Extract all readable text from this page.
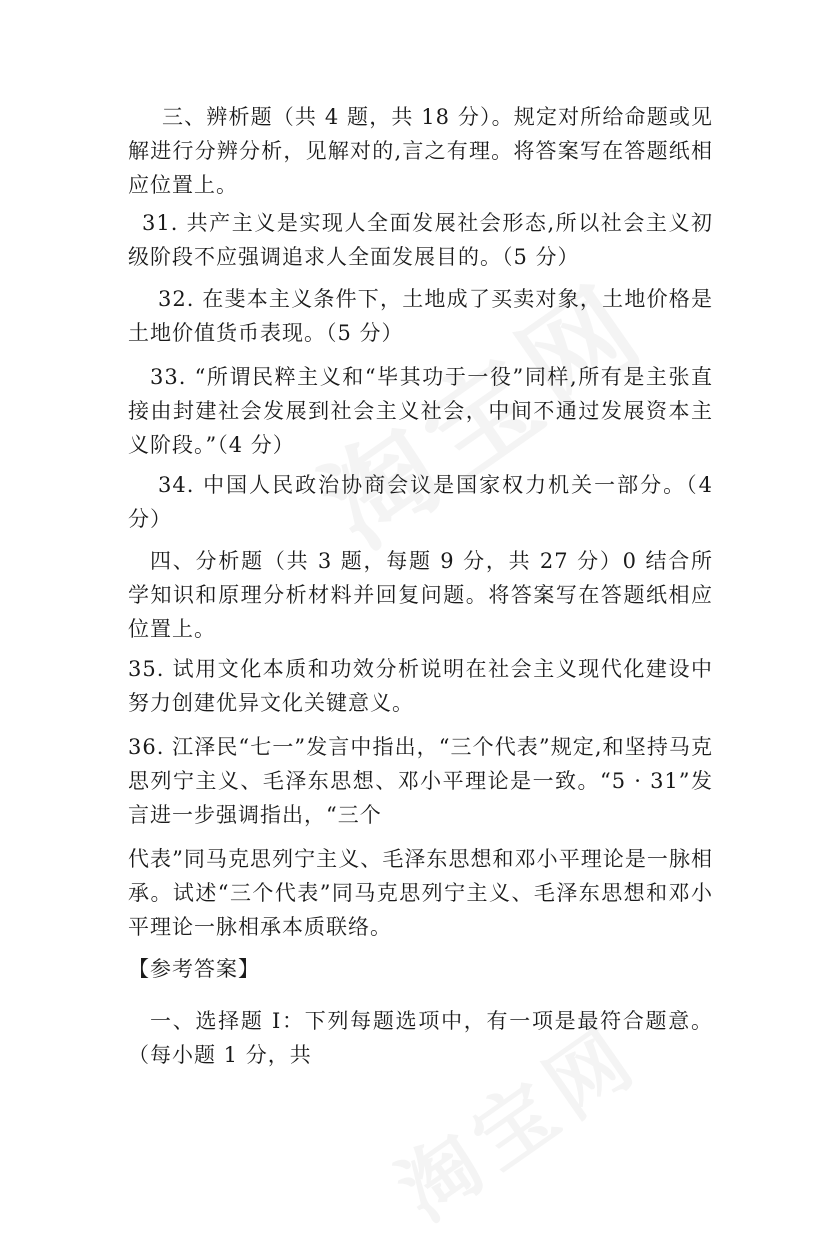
三、辨析题（共 4 题，共 18 分）。规定对所给命题或见解进行分辨分析，见解对的,言之有理。将答案写在答题纸相应位置上。

31. 共产主义是实现人全面发展社会形态,所以社会主义初级阶段不应强调追求人全面发展目的。（5 分）

32. 在斐本主义条件下，土地成了买卖对象，土地价格是土地价值货币表现。（5 分）

33. “所谓民粹主义和“毕其功于一役”同样,所有是主张直接由封建社会发展到社会主义社会，中间不通过发展资本主义阶段。”（4 分）

34. 中国人民政治协商会议是国家权力机关一部分。（4 分）

四、分析题（共 3 题，每题 9 分，共 27 分）0 结合所学知识和原理分析材料并回复问题。将答案写在答题纸相应位置上。

35. 试用文化本质和功效分析说明在社会主义现代化建设中努力创建优异文化关键意义。

36. 江泽民“七一”发言中指出，“三个代表”规定,和坚持马克思列宁主义、毛泽东思想、邓小平理论是一致。“5 · 31”发言进一步强调指出，“三个

代表”同马克思列宁主义、毛泽东思想和邓小平理论是一脉相承。试述“三个代表”同马克思列宁主义、毛泽东思想和邓小平理论一脉相承本质联络。

【参考答案】

一、选择题 I：下列每题选项中，有一项是最符合题意。（每小题 1 分，共
